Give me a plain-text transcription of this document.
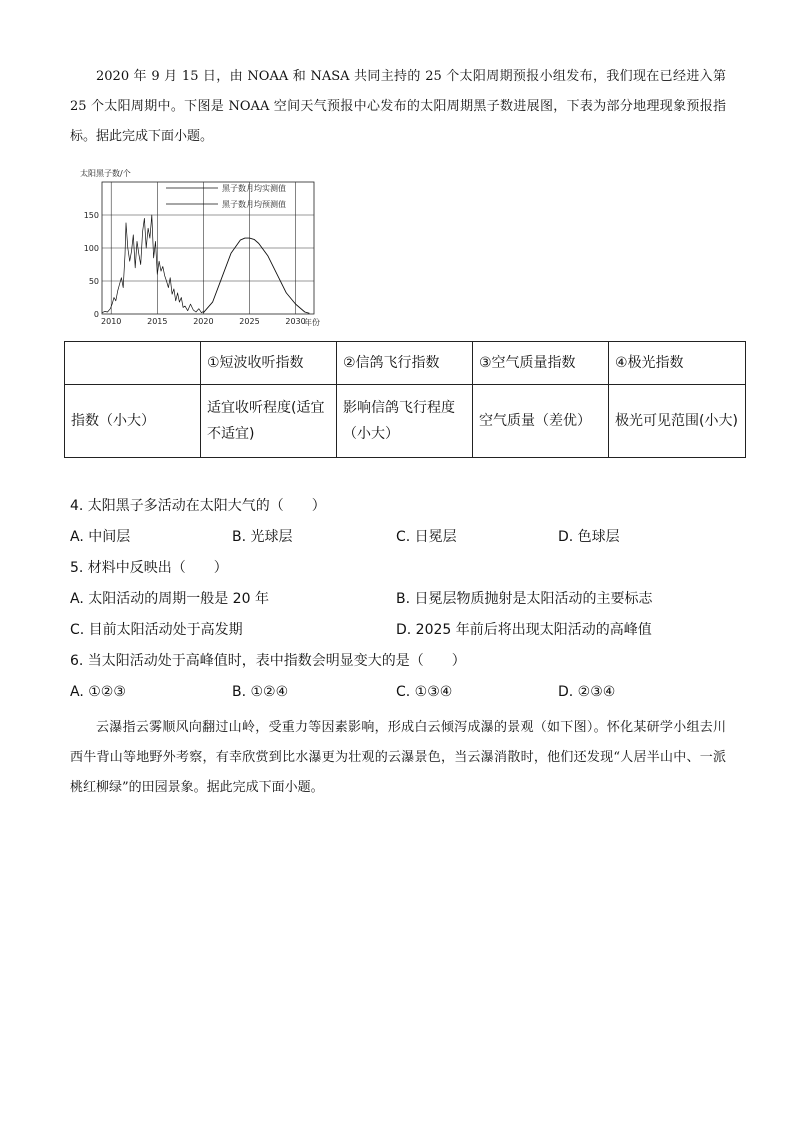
2020 年 9 月 15 日，由 NOAA 和 NASA 共同主持的 25 个太阳周期预报小组发布，我们现在已经进入第 25 个太阳周期中。下图是 NOAA 空间天气预报中心发布的太阳周期黑子数进展图，下表为部分地理现象预报指标。据此完成下面小题。

太阳黑子数/个
0
50
100
150
2010	2015	2020	2025	2030
年份
黑子数月均实测值
黑子数月均预测值
	①短波收听指数	②信鸽飞行指数	③空气质量指数	④极光指数
指数（小大）	适宜收听程度(适宜不适宜)	影响信鸽飞行程度（小大）	空气质量（差优）	极光可见范围(小大)

4. 太阳黑子多活动在太阳大气的（　　）

A. 中间层	B. 光球层	C. 日冕层	D. 色球层

5. 材料中反映出（　　）

A. 太阳活动的周期一般是 20 年	B. 日冕层物质抛射是太阳活动的主要标志
C. 目前太阳活动处于高发期	D. 2025 年前后将出现太阳活动的高峰值

6. 当太阳活动处于高峰值时，表中指数会明显变大的是（　　）

A. ①②③	B. ①②④	C. ①③④	D. ②③④

云瀑指云雾顺风向翻过山岭，受重力等因素影响，形成白云倾泻成瀑的景观（如下图）。怀化某研学小组去川西牛背山等地野外考察，有幸欣赏到比水瀑更为壮观的云瀑景色，当云瀑消散时，他们还发现“人居半山中、一派桃红柳绿”的田园景象。据此完成下面小题。
